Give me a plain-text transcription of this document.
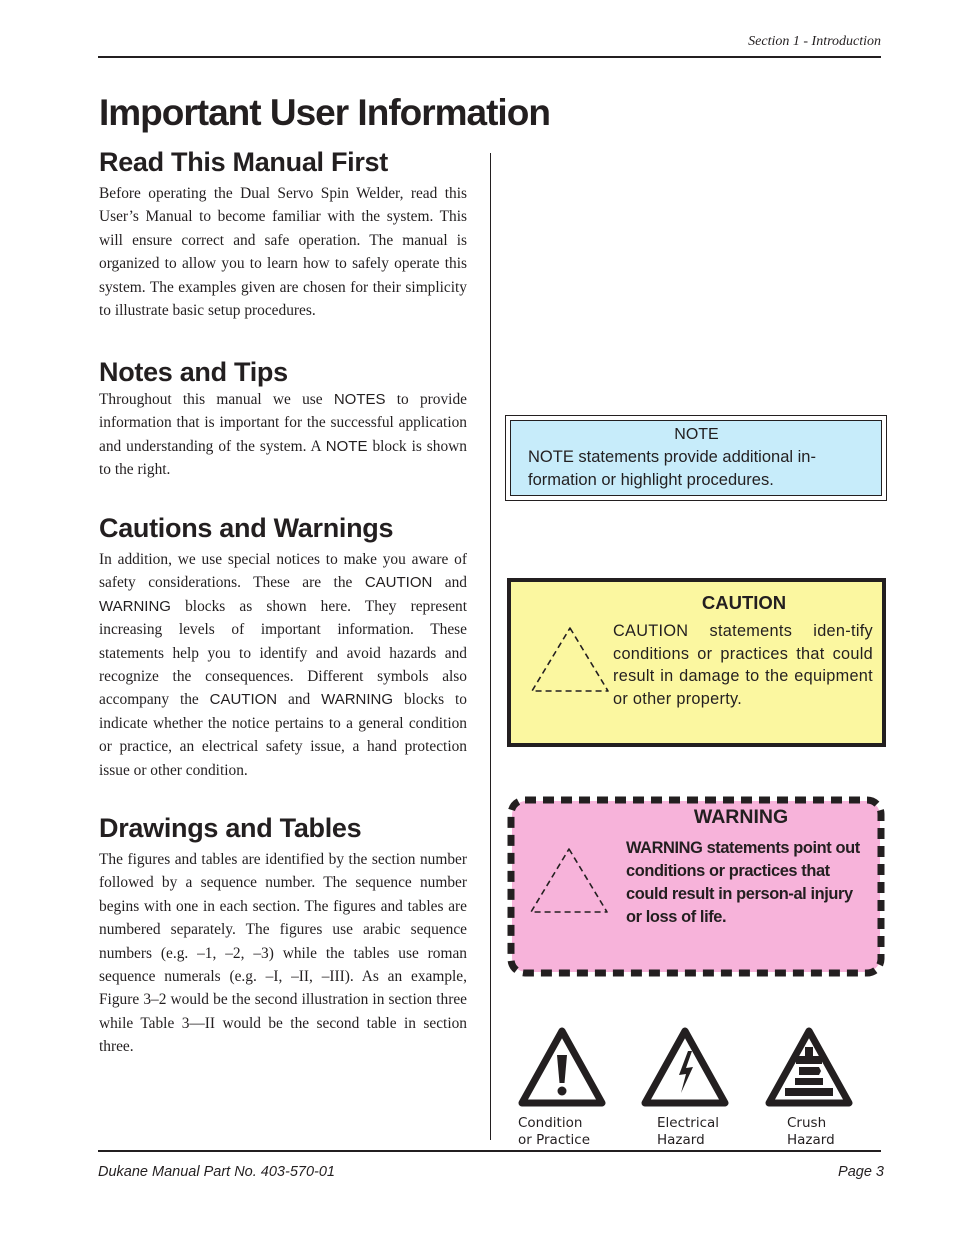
Section 1 - Introduction
Important User Information
Read This Manual First
Before operating the Dual Servo Spin Welder, read this User’s Manual to become familiar with the system. This will ensure correct and safe operation. The manual is organized to allow you to learn how to safely operate this system. The examples given are chosen for their simplicity to illustrate basic setup procedures.
Notes and Tips
Throughout this manual we use NOTES to provide information that is important for the successful application and understanding of the system. A NOTE block is shown to the right.
Cautions and Warnings
In addition, we use special notices to make you aware of safety considerations. These are the CAUTION and WARNING blocks as shown here. They represent increasing levels of important information. These statements help you to identify and avoid hazards and recognize the consequences. Different symbols also accompany the CAUTION and WARNING blocks to indicate whether the notice pertains to a general condition or practice, an electrical safety issue, a hand protection issue or other condition.
Drawings and Tables
The figures and tables are identified by the section number followed by a sequence number. The sequence number begins with one in each section. The figures and tables are numbered separately. The figures use arabic sequence numbers (e.g. –1, –2, –3) while the tables use roman sequence numerals (e.g. –I, –II, –III). As an example, Figure 3–2 would be the second illustration in section three while Table 3—II would be the second table in section three.
NOTE
NOTE statements provide additional in-formation or highlight procedures.
CAUTION
CAUTION statements iden-tify conditions or practices that could result in damage to the equipment or other property.
WARNING
WARNING statements point out conditions or practices that could result in person-al injury or loss of life.
Condition
or Practice
Electrical
Hazard
Crush
Hazard
Dukane Manual Part No. 403-570-01	Page 3
